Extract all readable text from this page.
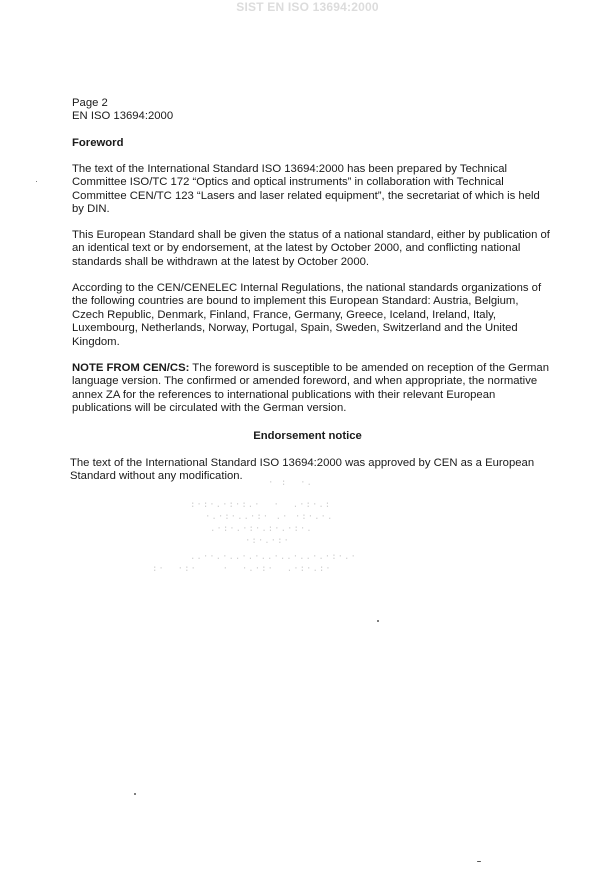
SIST EN ISO 13694:2000
Page 2
EN ISO 13694:2000
Foreword
The text of the International Standard ISO 13694:2000 has been prepared by Technical
Committee ISO/TC 172 “Optics and optical instruments” in collaboration with Technical
Committee CEN/TC 123 “Lasers and laser related equipment”, the secretariat of which is held
by DIN.
This European Standard shall be given the status of a national standard, either by publication of
an identical text or by endorsement, at the latest by October 2000, and conflicting national
standards shall be withdrawn at the latest by October 2000.
According to the CEN/CENELEC Internal Regulations, the national standards organizations of
the following countries are bound to implement this European Standard: Austria, Belgium,
Czech Republic, Denmark, Finland, France, Germany, Greece, Iceland, Ireland, Italy,
Luxembourg, Netherlands, Norway, Portugal, Spain, Sweden, Switzerland and the United
Kingdom.
NOTE FROM CEN/CS: The foreword is susceptible to be amended on reception of the German
language version. The confirmed or amended foreword, and when appropriate, the normative
annex ZA for the references to international publications with their relevant European
publications will be circulated with the German version.
Endorsement notice
The text of the International Standard ISO 13694:2000 was approved by CEN as a European
Standard without any modification.
· :  ·.
:·:·.·:·:.·  ·  .·:·.:
·.·:·..·:· .· ·:·.·.
.·:·.·:·.:·.·:·.
·:·.·:·
..··.·..·.·..·..·..·.·:·.·
:·  ·:·    ·  ·.·:·  .·:·.:·
